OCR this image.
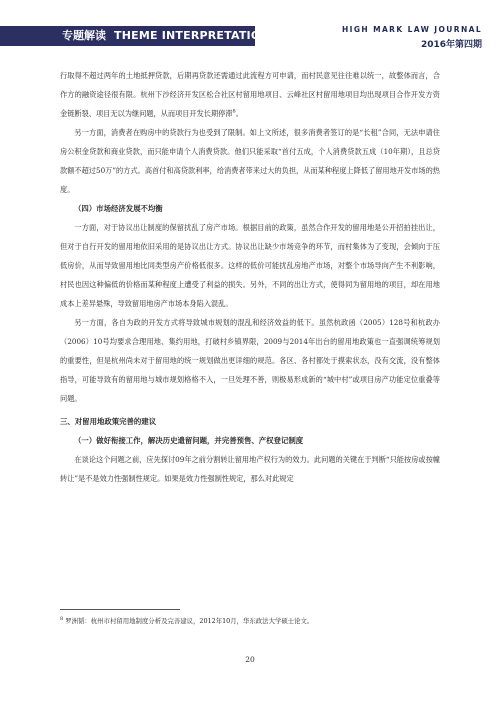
专题解读 THEME INTERPRETATION	HIGH MARK LAW JOURNAL
2016年第四期

行取得不超过两年的土地抵押贷款，后期再贷款还需通过此流程方可申请，而村民意见往往难以统一，故整体而言，合作方的融资途径很有限。杭州下沙经济开发区松合社区村留用地项目、云峰社区村留用地项目均出现项目合作开发方资金链断裂、项目无以为继问题，从而项目开发长期停滞$^8$。

另一方面，消费者在购房中的贷款行为也受到了限制。如上文所述，很多消费者签订的是“长租”合同，无法申请住房公积金贷款和商业贷款，而只能申请个人消费贷款。他们只能采取“首付五成，个人消费贷款五成（10年期），且总贷款额不超过50万”的方式。高首付和高贷款利率，给消费者带来过大的负担，从而某种程度上降低了留用地开发市场的热度。

（四）市场经济发展不均衡

一方面，对于协议出让制度的保留扰乱了房产市场。根据目前的政策，虽然合作开发的留用地是公开招拍挂出让，但对于自行开发的留用地依旧采用的是协议出让方式。协议出让缺少市场竞争的环节，而村集体为了变现，会倾向于压低房价，从而导致留用地比同类型房产价格低很多。这样的低价可能扰乱房地产市场，对整个市场导向产生不利影响，村民也因这种偏低的价格而某种程度上遭受了利益的损失。另外，不同的出让方式，使得同为留用地的项目，却在用地成本上差异悬殊，导致留用地房产市场本身陷入混乱。

另一方面，各自为政的开发方式将导致城市规划的混乱和经济效益的低下。虽然杭政函（2005）128号和杭政办（2006）10号均要求合理用地、集约用地，打破村乡镇界限，2009与2014年出台的留用地政策也一直强调统筹规划的重要性，但是杭州尚未对于留用地的统一规划做出更详细的规范。各区、各村都处于摸索状态，没有交流，没有整体指导，可能导致有的留用地与城市规划格格不入，一旦处理不善，则极易形成新的“城中村”或项目房产功能定位重叠等问题。

三、对留用地政策完善的建议

（一）做好衔接工作，解决历史遗留问题，并完善预售、产权登记制度

在谈论这个问题之前，应先探讨09年之前分割转让留用地产权行为的效力。此问题的关键在于判断“只能按房或按幢转让”是不是效力性强制性规定。如果是效力性强制性规定，那么对此规定

$^8$ 罗洲韬：杭州市村留用地制度分析及完善建议，2012年10月，华东政法大学硕士论文。
20
